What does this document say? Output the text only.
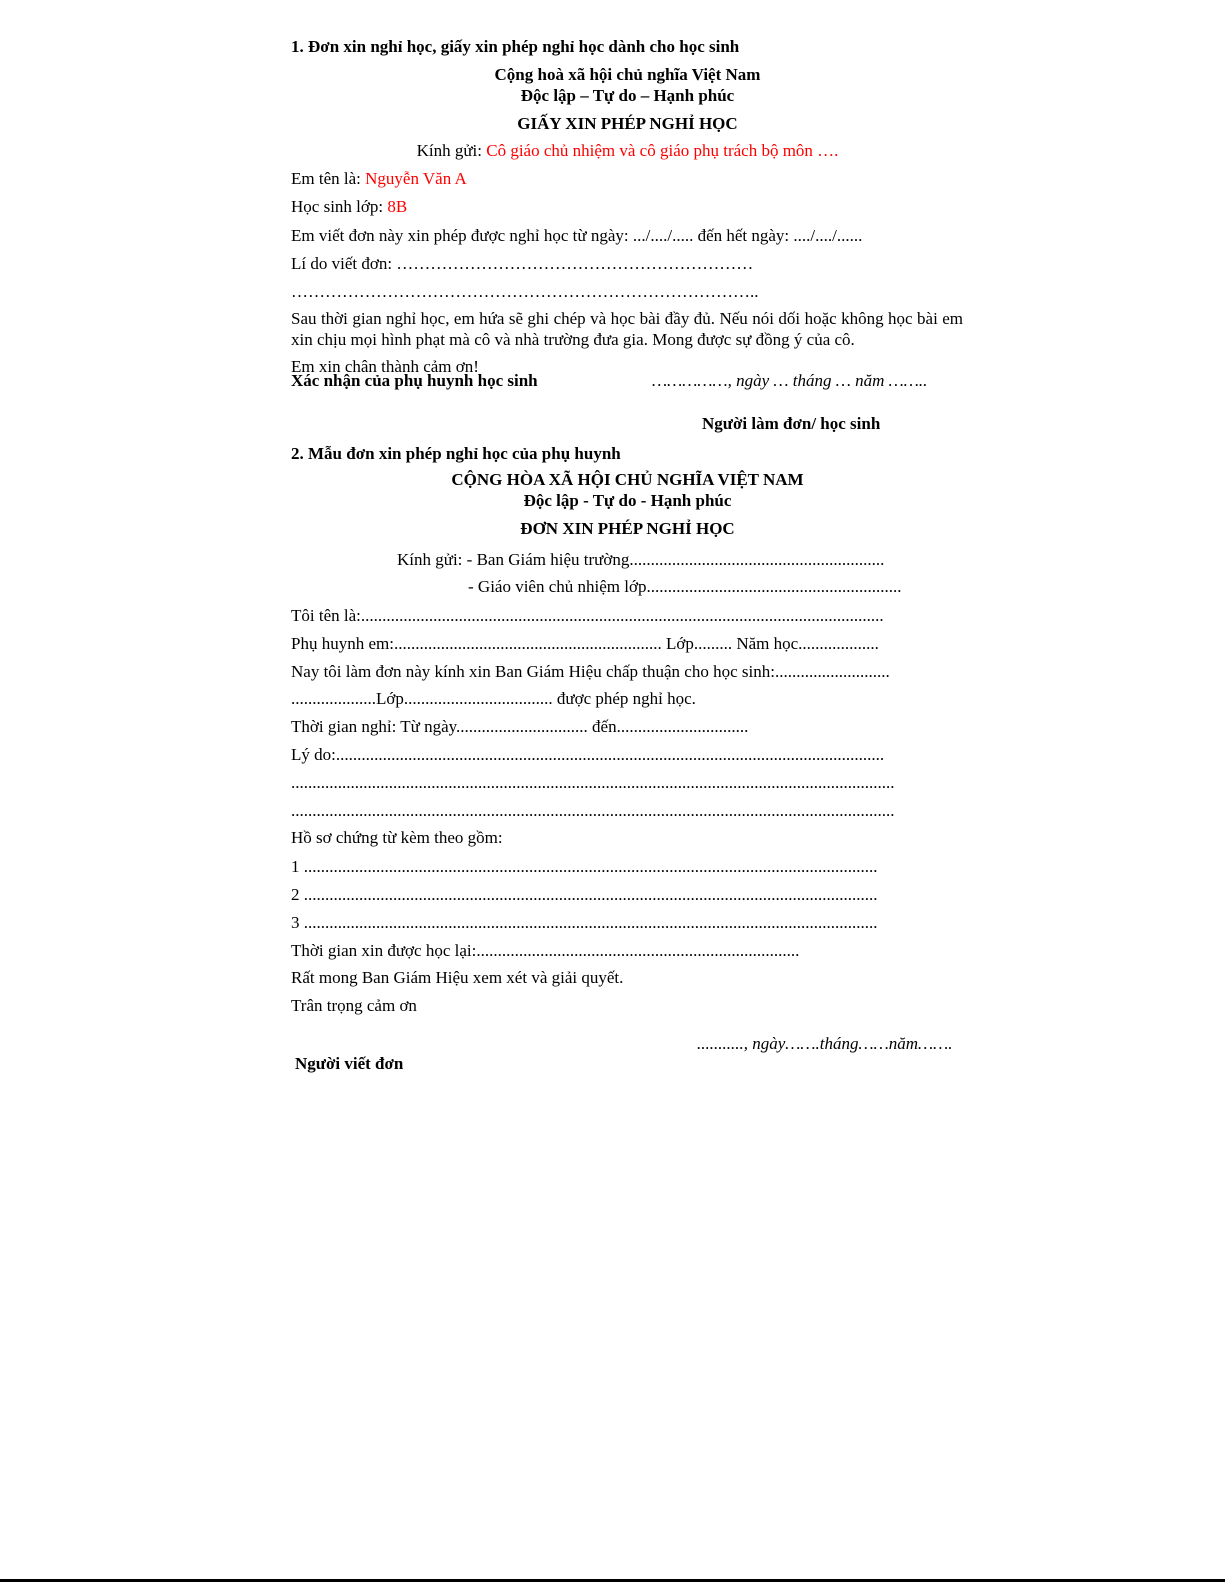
1. Đơn xin nghỉ học, giấy xin phép nghỉ học dành cho học sinh
Cộng hoà xã hội chủ nghĩa Việt Nam
Độc lập – Tự do – Hạnh phúc
GIẤY XIN PHÉP NGHỈ HỌC
Kính gửi: Cô giáo chủ nhiệm và cô giáo phụ trách bộ môn ….
Em tên là: Nguyễn Văn A
Học sinh lớp: 8B
Em viết đơn này xin phép được nghỉ học từ ngày: .../..../..... đến hết ngày: ..../..../......
Lí do viết đơn: ………………………………………………………
………………………………………………………………………..
Sau thời gian nghỉ học, em hứa sẽ ghi chép và học bài đầy đủ. Nếu nói dối hoặc không học bài em xin chịu mọi hình phạt mà cô và nhà trường đưa gia. Mong được sự đồng ý của cô.
Em xin chân thành cảm ơn!
Xác nhận của phụ huynh học sinh	……………, ngày … tháng … năm ……..
Người làm đơn/ học sinh
2. Mẫu đơn xin phép nghỉ học của phụ huynh
CỘNG HÒA XÃ HỘI CHỦ NGHĨA VIỆT NAM
Độc lập - Tự do - Hạnh phúc
ĐƠN XIN PHÉP NGHỈ HỌC
Kính gửi: - Ban Giám hiệu trường............................................................
- Giáo viên chủ nhiệm lớp............................................................
Tôi tên là:...........................................................................................................................
Phụ huynh em:............................................................... Lớp......... Năm học...................
Nay tôi làm đơn này kính xin Ban Giám Hiệu chấp thuận cho học sinh:...........................
....................Lớp................................... được phép nghỉ học.
Thời gian nghỉ: Từ ngày............................... đến...............................
Lý do:.................................................................................................................................
..............................................................................................................................................
..............................................................................................................................................
Hồ sơ chứng từ kèm theo gồm:
1 .......................................................................................................................................
2 .......................................................................................................................................
3 .......................................................................................................................................
Thời gian xin được học lại:............................................................................
Rất mong Ban Giám Hiệu xem xét và giải quyết.
Trân trọng cảm ơn
..........., ngày…….tháng……năm…….
Người viết đơn
